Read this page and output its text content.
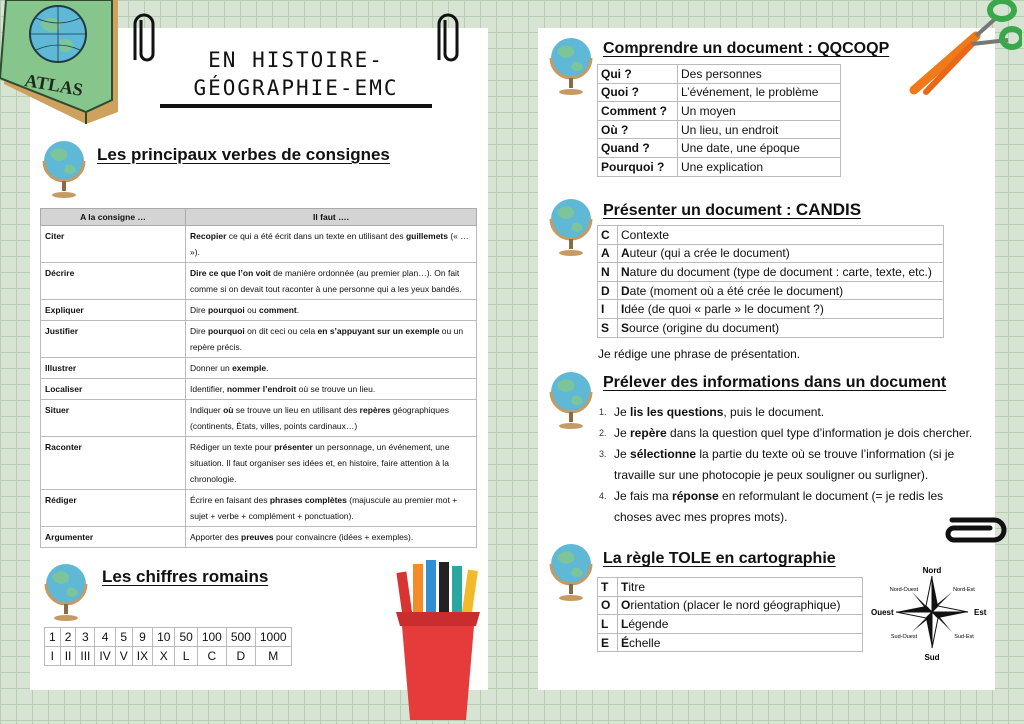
ATLAS
EN HISTOIRE-
GÉOGRAPHIE-EMC
Les principaux verbes de consignes
A la consigne …	Il faut ….
Citer	Recopier ce qui a été écrit dans un texte en utilisant des guillemets (« … »).
Décrire	Dire ce que l’on voit de manière ordonnée (au premier plan…). On fait comme si on devait tout raconter à une personne qui a les yeux bandés.
Expliquer	Dire pourquoi ou comment.
Justifier	Dire pourquoi on dit ceci ou cela en s’appuyant sur un exemple ou un repère précis.
Illustrer	Donner un exemple.
Localiser	Identifier, nommer l’endroit où se trouve un lieu.
Situer	Indiquer où se trouve un lieu en utilisant des repères géographiques (continents, États, villes, points cardinaux…)
Raconter	Rédiger un texte pour présenter un personnage, un événement, une situation. Il faut organiser ses idées et, en histoire, faire attention à la chronologie.
Rédiger	Écrire en faisant des phrases complètes (majuscule au premier mot + sujet + verbe + complément + ponctuation).
Argumenter	Apporter des preuves pour convaincre (idées + exemples).
Les chiffres romains
1	2	3	4	5	9	10	50	100	500	1000
I	II	III	IV	V	IX	X	L	C	D	M
Comprendre un document : QQCOQP
Qui ?	Des personnes
Quoi ?	L’événement, le problème
Comment ?	Un moyen
Où ?	Un lieu, un endroit
Quand ?	Une date, une époque
Pourquoi ?	Une explication
Présenter un document : CANDIS
C	Contexte
A	Auteur (qui a crée le document)
N	Nature du document (type de document : carte, texte, etc.)
D	Date (moment où a été crée le document)
I	Idée (de quoi « parle » le document ?)
S	Source (origine du document)
Je rédige une phrase de présentation.
Prélever des informations dans un document
1. Je lis les questions, puis le document.
2. Je repère dans la question quel type d’information je dois chercher.
3. Je sélectionne la partie du texte où se trouve l’information (si je travaille sur une photocopie je peux souligner ou surligner).
4. Je fais ma réponse en reformulant le document (= je redis les choses avec mes propres mots).
La règle TOLE en cartographie
T	Titre
O	Orientation (placer le nord géographique)
L	Légende
E	Échelle
Nord
Sud
Est
Ouest
Nord-Est
Nord-Ouest
Sud-Est
Sud-Ouest
